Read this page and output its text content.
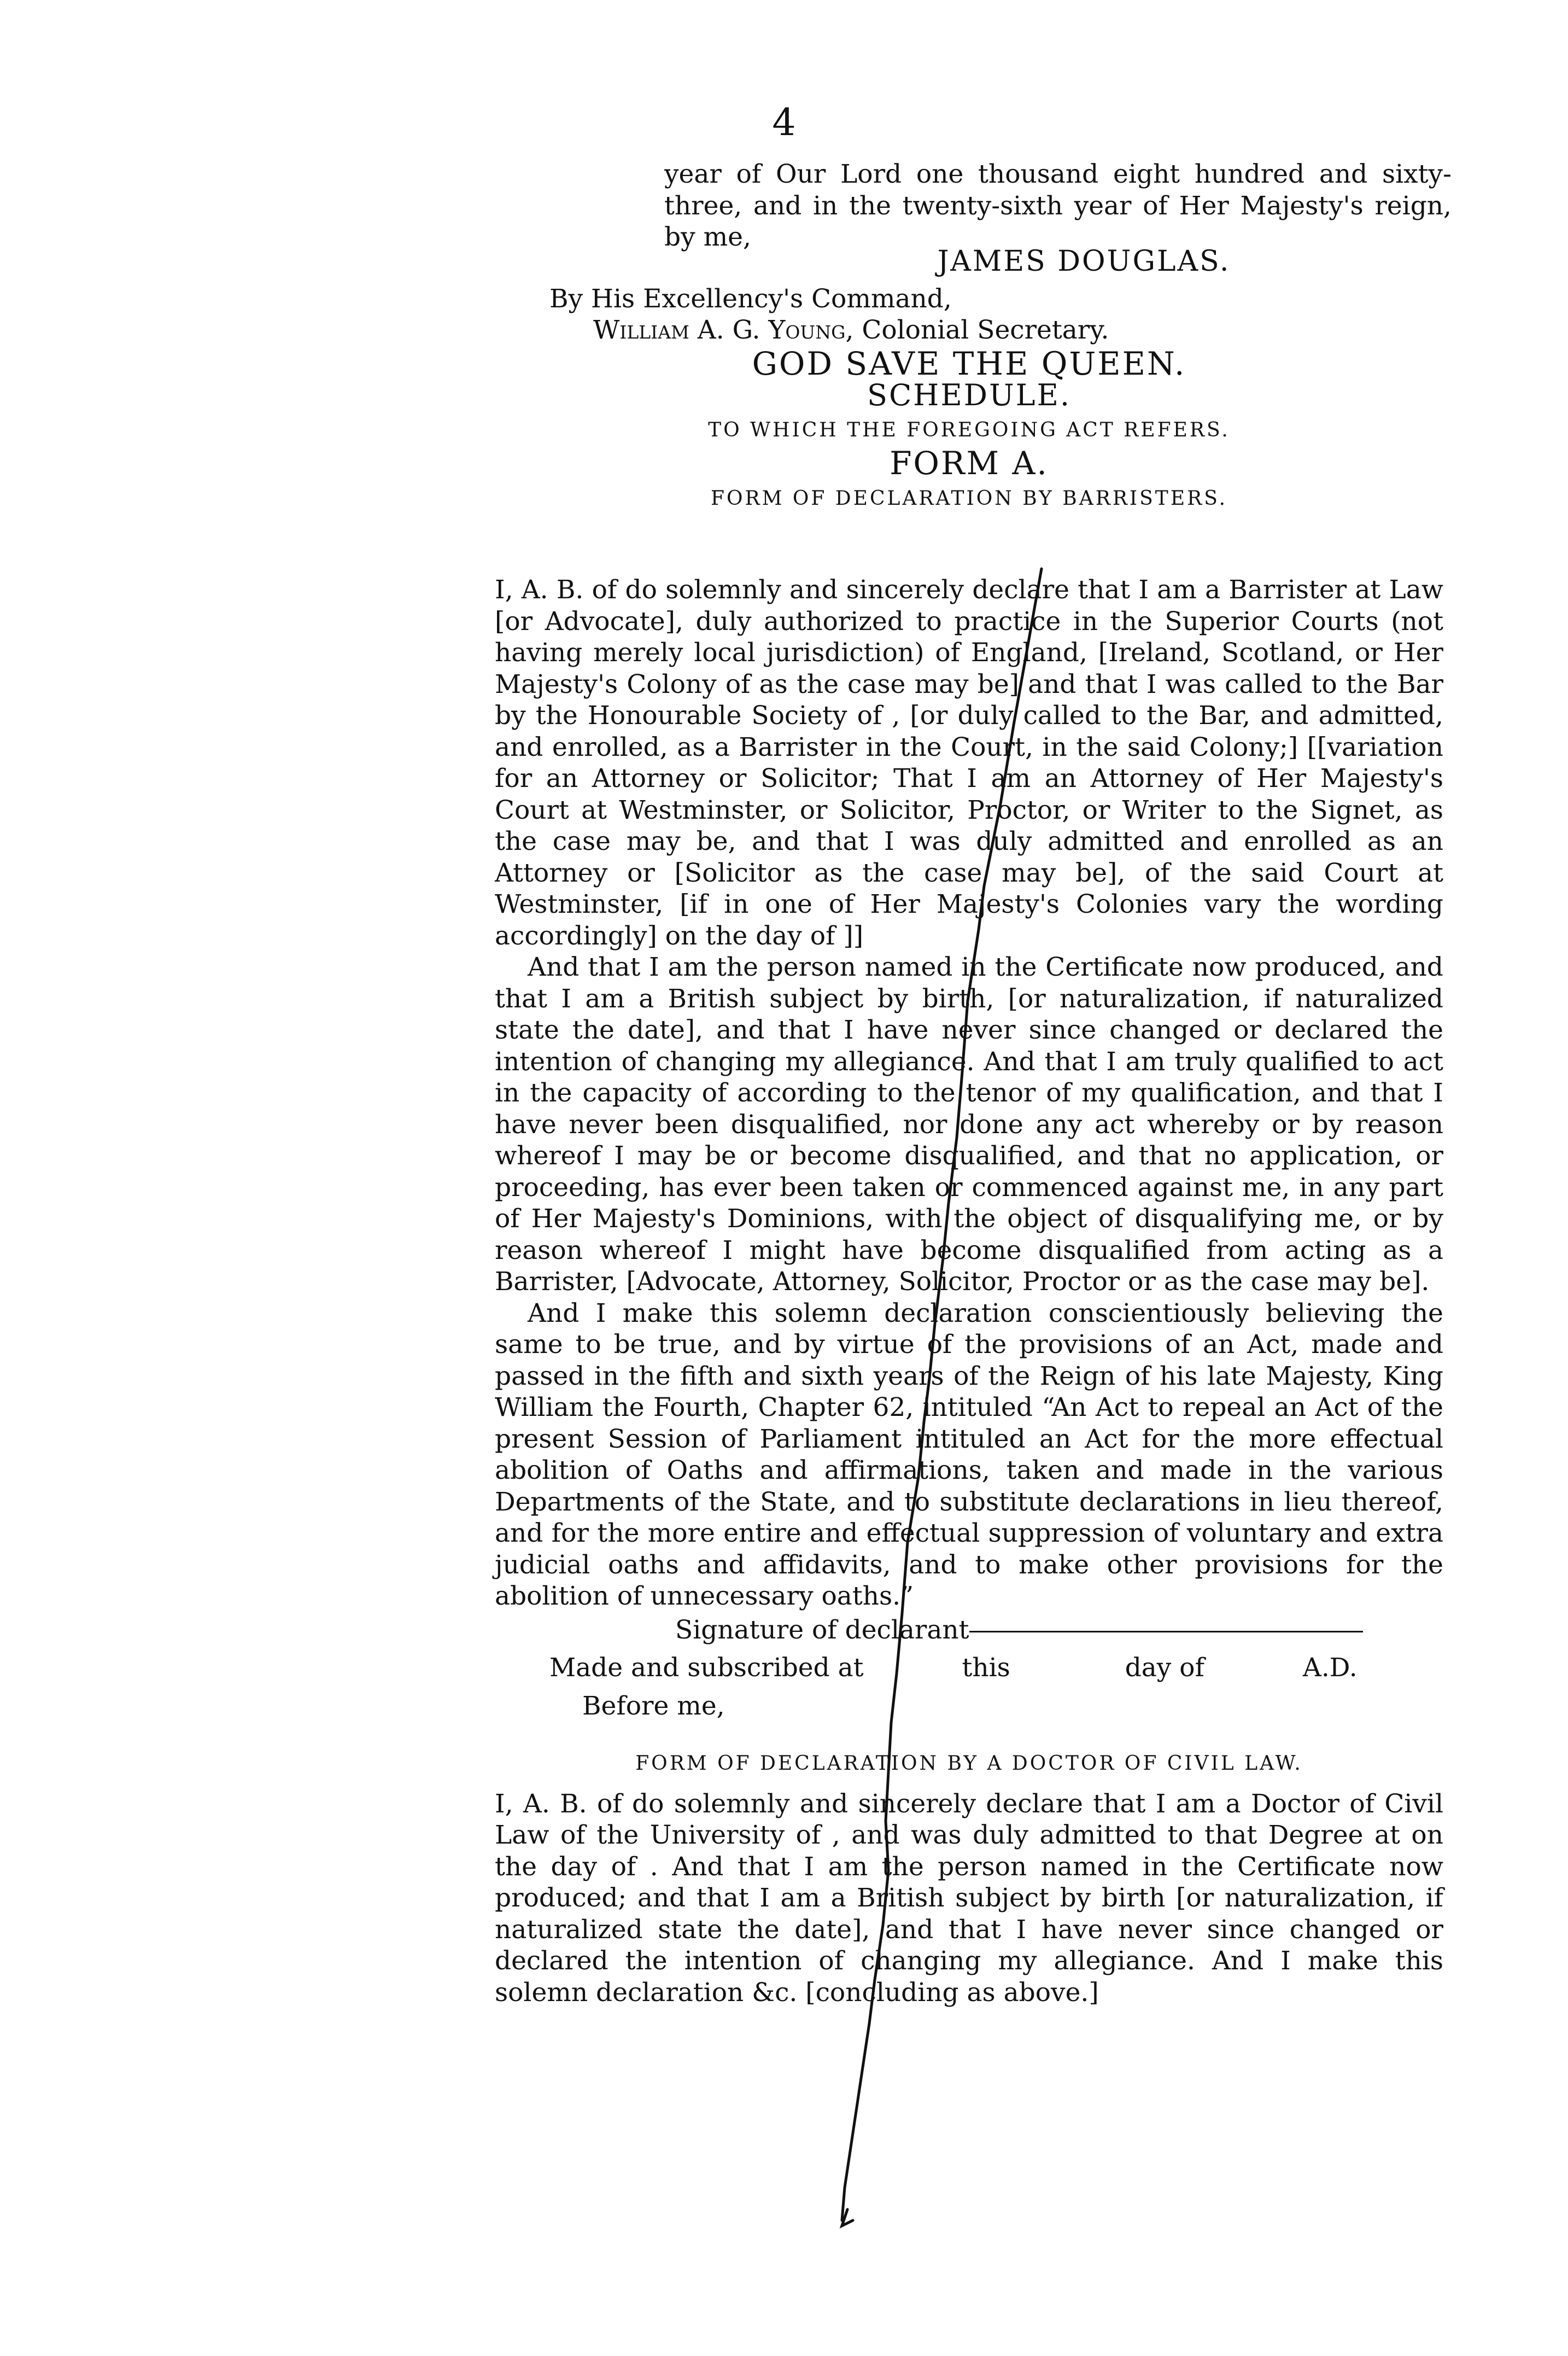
4

year of Our Lord one thousand eight hundred and sixty-three, and in the twenty-sixth year of Her Majesty's reign, by me,

JAMES DOUGLAS.

By His Excellency's Command,

William A. G. Young, Colonial Secretary.

GOD SAVE THE QUEEN.

SCHEDULE.

TO WHICH THE FOREGOING ACT REFERS.

FORM A.

FORM OF DECLARATION BY BARRISTERS.

I, A. B. of do solemnly and sincerely declare that I am a Barrister at Law [or Advocate], duly authorized to practice in the Superior Courts (not having merely local jurisdiction) of England, [Ireland, Scotland, or Her Majesty's Colony of as the case may be] and that I was called to the Bar by the Honourable Society of , [or duly called to the Bar, and admitted, and enrolled, as a Barrister in the Court, in the said Colony;] [[variation for an Attorney or Solicitor; That I am an Attorney of Her Majesty's Court at Westminster, or Solicitor, Proctor, or Writer to the Signet, as the case may be, and that I was duly admitted and enrolled as an Attorney or [Solicitor as the case may be], of the said Court at Westminster, [if in one of Her Majesty's Colonies vary the wording accordingly] on the day of ]]

And that I am the person named in the Certificate now produced, and that I am a British subject by birth, [or naturalization, if naturalized state the date], and that I have never since changed or declared the intention of changing my allegiance. And that I am truly qualified to act in the capacity of according to the tenor of my qualification, and that I have never been disqualified, nor done any act whereby or by reason whereof I may be or become disqualified, and that no application, or proceeding, has ever been taken or commenced against me, in any part of Her Majesty's Dominions, with the object of disqualifying me, or by reason whereof I might have become disqualified from acting as a Barrister, [Advocate, Attorney, Solicitor, Proctor or as the case may be].

And I make this solemn declaration conscientiously believing the same to be true, and by virtue of the provisions of an Act, made and passed in the fifth and sixth years of the Reign of his late Majesty, King William the Fourth, Chapter 62, intituled “An Act to repeal an Act of the present Session of Parliament intituled an Act for the more effectual abolition of Oaths and affirmations, taken and made in the various Departments of the State, and to substitute declarations in lieu thereof, and for the more entire and effectual suppression of voluntary and extra judicial oaths and affidavits, and to make other provisions for the abolition of unnecessary oaths.”

Signature of declarant

Made and subscribed at	this	day of	A.D.

Before me,

FORM OF DECLARATION BY A DOCTOR OF CIVIL LAW.

I, A. B. of do solemnly and sincerely declare that I am a Doctor of Civil Law of the University of , and was duly admitted to that Degree at on the day of . And that I am the person named in the Certificate now produced; and that I am a British subject by birth [or naturalization, if naturalized state the date], and that I have never since changed or declared the intention of changing my allegiance. And I make this solemn declaration &c. [concluding as above.]
